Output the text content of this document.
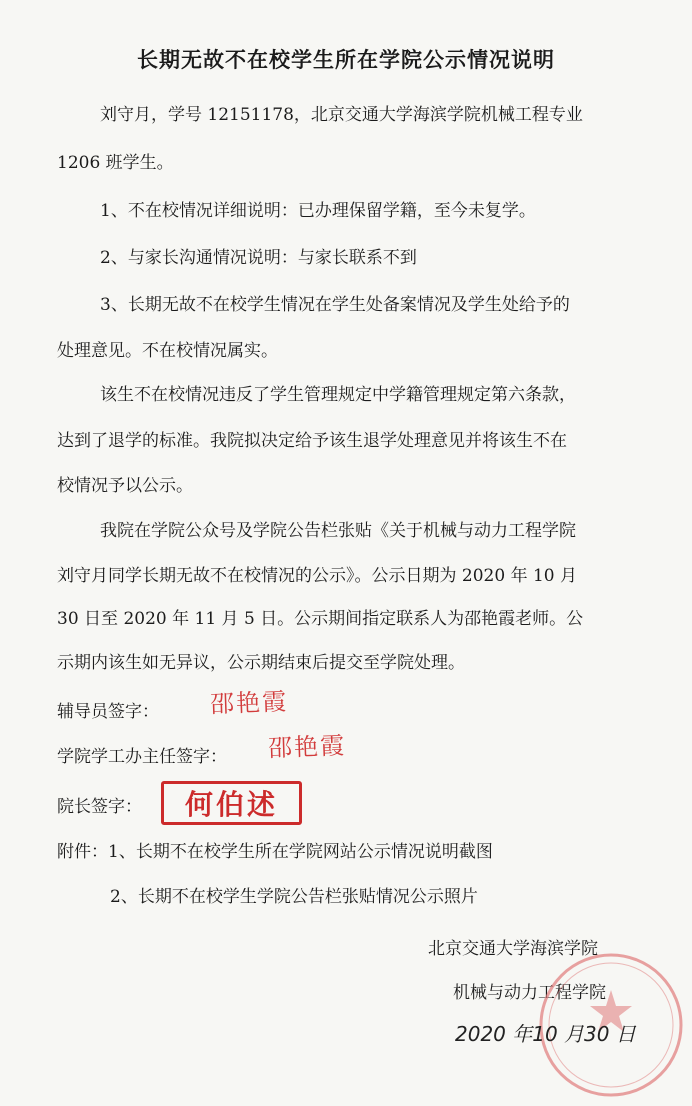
长期无故不在校学生所在学院公示情况说明
刘守月，学号 12151178，北京交通大学海滨学院机械工程专业
1206 班学生。
1、不在校情况详细说明：已办理保留学籍，至今未复学。
2、与家长沟通情况说明：与家长联系不到
3、长期无故不在校学生情况在学生处备案情况及学生处给予的
处理意见。不在校情况属实。
该生不在校情况违反了学生管理规定中学籍管理规定第六条款，
达到了退学的标准。我院拟决定给予该生退学处理意见并将该生不在
校情况予以公示。
我院在学院公众号及学院公告栏张贴《关于机械与动力工程学院
刘守月同学长期无故不在校情况的公示》。公示日期为 2020 年 10 月
30 日至 2020 年 11 月 5 日。公示期间指定联系人为邵艳霞老师。公
示期内该生如无异议，公示期结束后提交至学院处理。
辅导员签字： 邵艳霞
学院学工办主任签字： 邵艳霞
院长签字：	何伯述
附件：1、长期不在校学生所在学院网站公示情况说明截图
2、长期不在校学生学院公告栏张贴情况公示照片
北京交通大学海滨学院
机械与动力工程学院
2020 年10 月30 日
